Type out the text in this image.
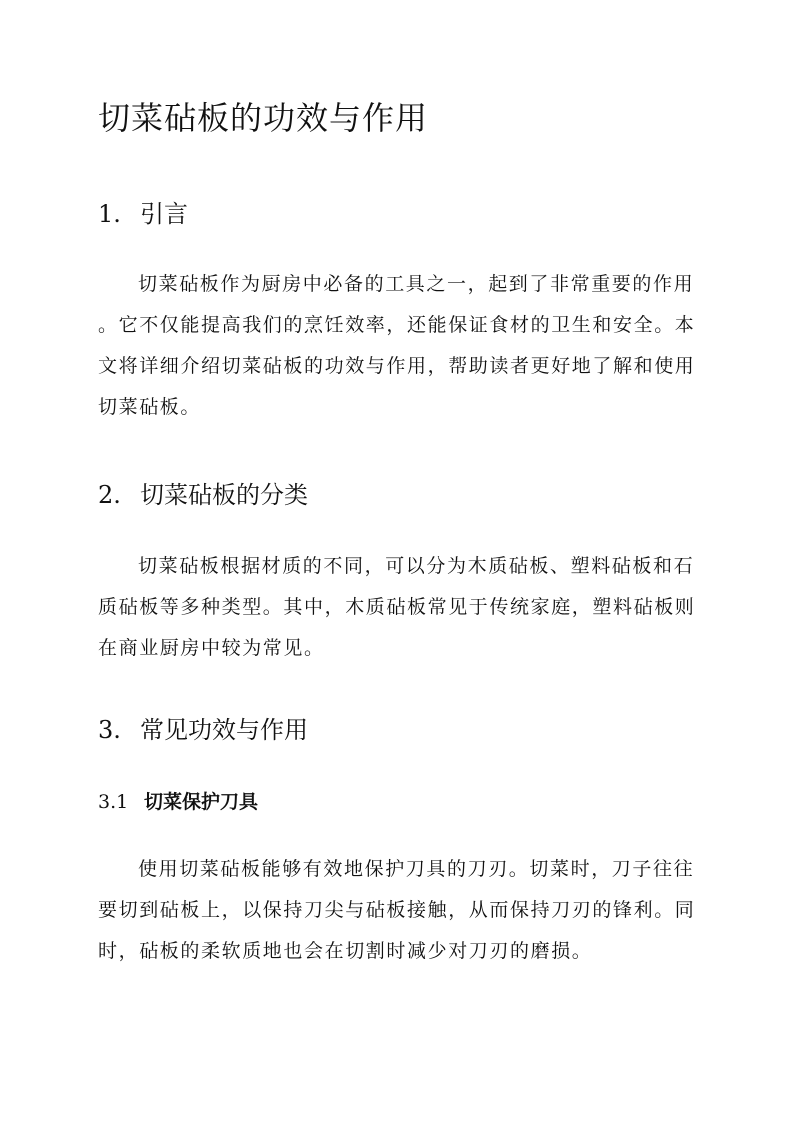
切菜砧板的功效与作用
1. 引言
切菜砧板作为厨房中必备的工具之一，起到了非常重要的作用
。它不仅能提高我们的烹饪效率，还能保证食材的卫生和安全。本
文将详细介绍切菜砧板的功效与作用，帮助读者更好地了解和使用
切菜砧板。
2. 切菜砧板的分类
切菜砧板根据材质的不同，可以分为木质砧板、塑料砧板和石
质砧板等多种类型。其中，木质砧板常见于传统家庭，塑料砧板则
在商业厨房中较为常见。
3. 常见功效与作用
3.1 切菜保护刀具
使用切菜砧板能够有效地保护刀具的刀刃。切菜时，刀子往往
要切到砧板上，以保持刀尖与砧板接触，从而保持刀刃的锋利。同
时，砧板的柔软质地也会在切割时减少对刀刃的磨损。
